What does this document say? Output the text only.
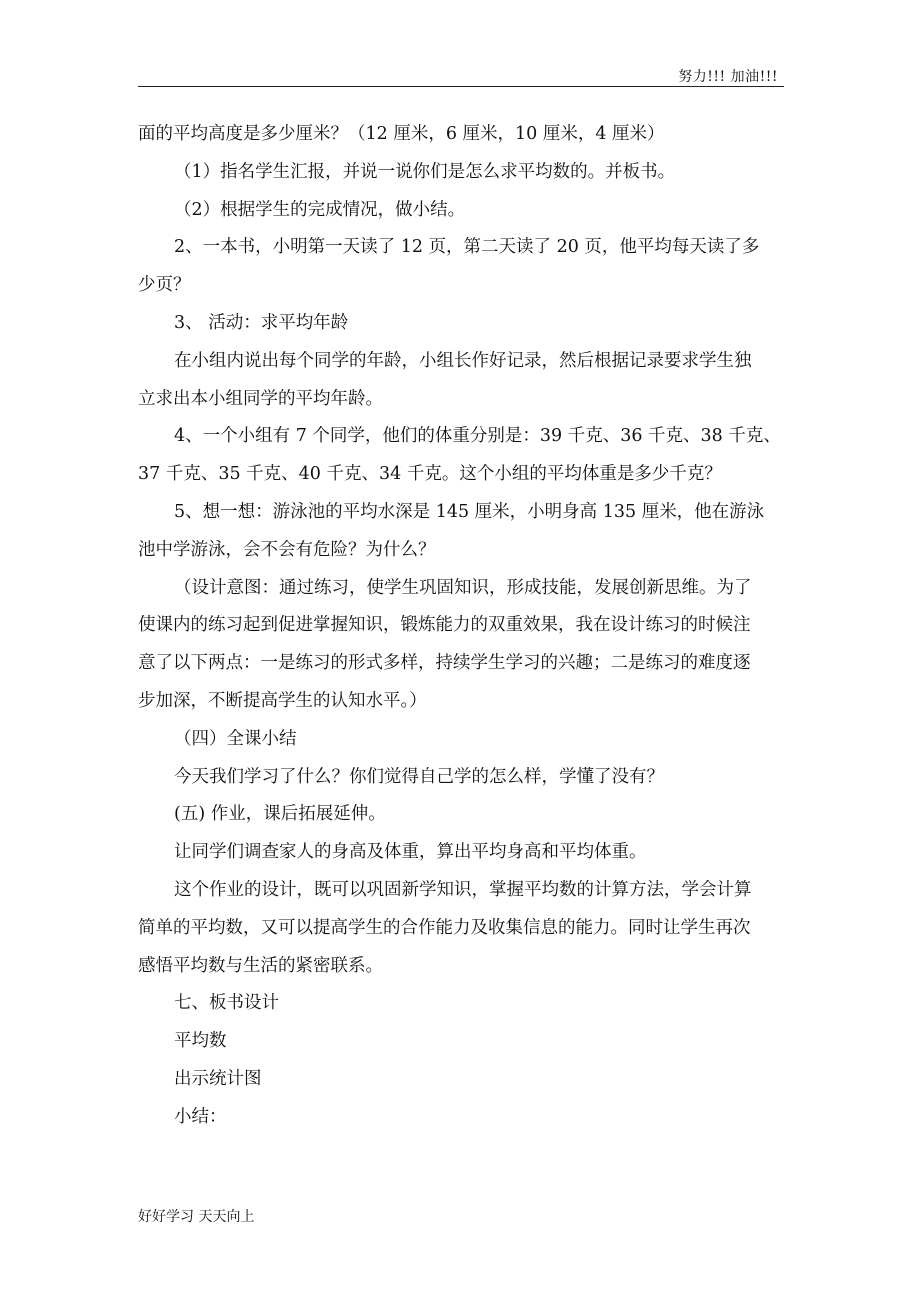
努力!!! 加油!!!
面的平均高度是多少厘米？（12 厘米，6 厘米，10 厘米，4 厘米）
（1）指名学生汇报，并说一说你们是怎么求平均数的。并板书。
（2）根据学生的完成情况，做小结。
2、一本书，小明第一天读了 12 页，第二天读了 20 页，他平均每天读了多
少页？
3、 活动：求平均年龄
在小组内说出每个同学的年龄，小组长作好记录，然后根据记录要求学生独
立求出本小组同学的平均年龄。
4、一个小组有 7 个同学，他们的体重分别是：39 千克、36 千克、38 千克、
37 千克、35 千克、40 千克、34 千克。这个小组的平均体重是多少千克？
5、想一想：游泳池的平均水深是 145 厘米，小明身高 135 厘米，他在游泳
池中学游泳，会不会有危险？为什么？
（设计意图：通过练习，使学生巩固知识，形成技能，发展创新思维。为了
使课内的练习起到促进掌握知识，锻炼能力的双重效果，我在设计练习的时候注
意了以下两点：一是练习的形式多样，持续学生学习的兴趣；二是练习的难度逐
步加深，不断提高学生的认知水平。）
（四）全课小结
今天我们学习了什么？你们觉得自己学的怎么样，学懂了没有？
(五) 作业，课后拓展延伸。
让同学们调查家人的身高及体重，算出平均身高和平均体重。
这个作业的设计，既可以巩固新学知识，掌握平均数的计算方法，学会计算
简单的平均数，又可以提高学生的合作能力及收集信息的能力。同时让学生再次
感悟平均数与生活的紧密联系。
七、板书设计
平均数
出示统计图
小结：
好好学习 天天向上
